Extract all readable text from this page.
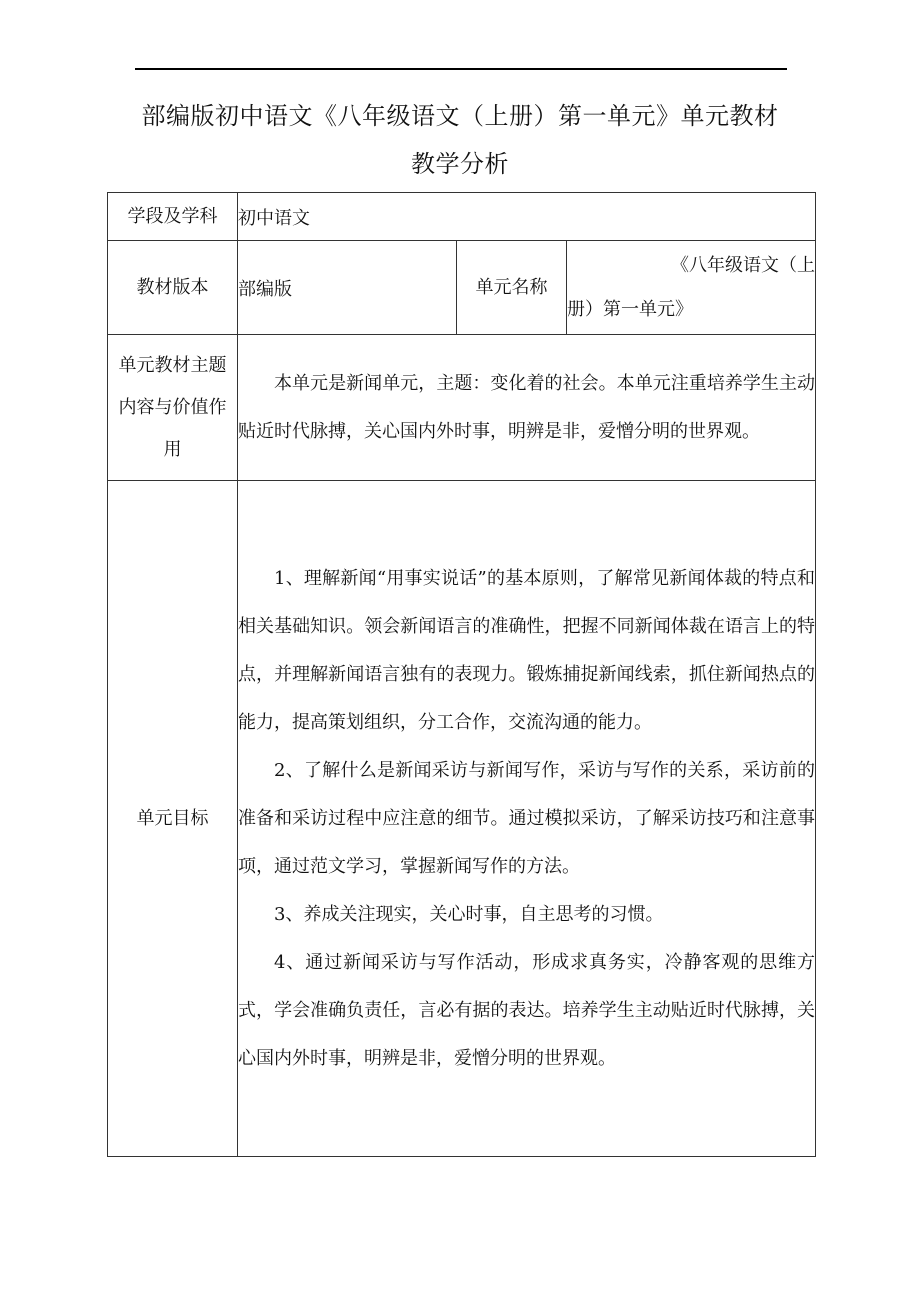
部编版初中语文《八年级语文（上册）第一单元》单元教材
教学分析
学段及学科	初中语文		
教材版本	部编版	单元名称	《八年级语文（上
册）第一单元》

单元教材主题内容与价值作用	本单元是新闻单元，主题：变化着的社会。本单元注重培养学生主动贴近时代脉搏，关心国内外时事，明辨是非，爱憎分明的世界观。		

单元目标	1、理解新闻“用事实说话”的基本原则，了解常见新闻体裁的特点和相关基础知识。领会新闻语言的准确性，把握不同新闻体裁在语言上的特点，并理解新闻语言独有的表现力。锻炼捕捉新闻线索，抓住新闻热点的能力，提高策划组织，分工合作，交流沟通的能力。

2、了解什么是新闻采访与新闻写作，采访与写作的关系，采访前的准备和采访过程中应注意的细节。通过模拟采访，了解采访技巧和注意事项，通过范文学习，掌握新闻写作的方法。

3、养成关注现实，关心时事，自主思考的习惯。

4、通过新闻采访与写作活动，形成求真务实，冷静客观的思维方式，学会准确负责任，言必有据的表达。培养学生主动贴近时代脉搏，关心国内外时事，明辨是非，爱憎分明的世界观。		
